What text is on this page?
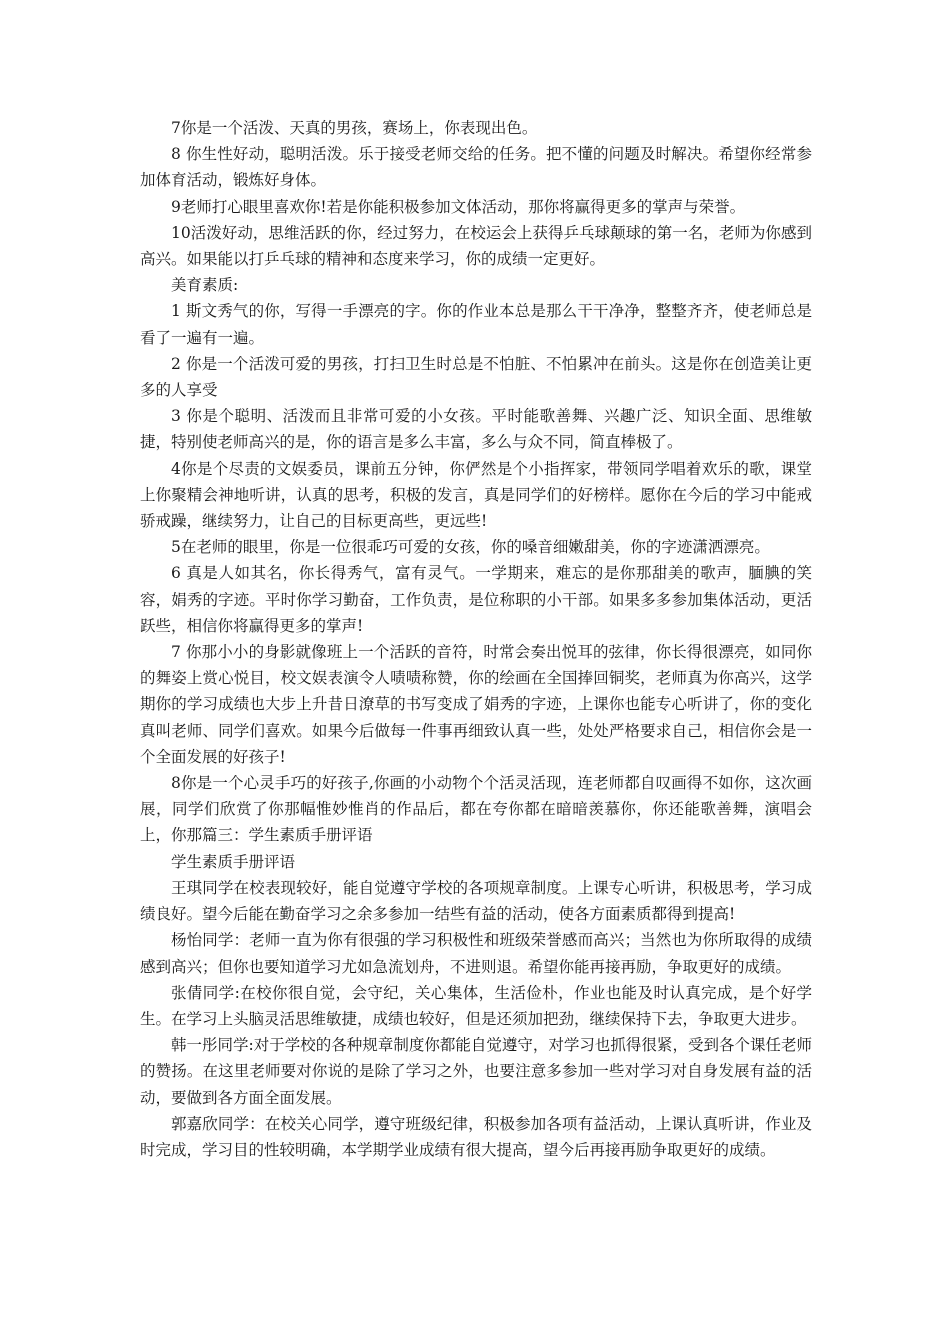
7你是一个活泼、天真的男孩，赛场上，你表现出色。

8 你生性好动，聪明活泼。乐于接受老师交给的任务。把不懂的问题及时解决。希望你经常参加体育活动，锻炼好身体。

9老师打心眼里喜欢你!若是你能积极参加文体活动，那你将赢得更多的掌声与荣誉。

10活泼好动，思维活跃的你，经过努力，在校运会上获得乒乓球颠球的第一名，老师为你感到高兴。如果能以打乒乓球的精神和态度来学习，你的成绩一定更好。

美育素质:

1 斯文秀气的你，写得一手漂亮的字。你的作业本总是那么干干净净，整整齐齐，使老师总是看了一遍有一遍。

2 你是一个活泼可爱的男孩，打扫卫生时总是不怕脏、不怕累冲在前头。这是你在创造美让更多的人享受

3 你是个聪明、活泼而且非常可爱的小女孩。平时能歌善舞、兴趣广泛、知识全面、思维敏捷，特别使老师高兴的是，你的语言是多么丰富，多么与众不同，简直棒极了。

4你是个尽责的文娱委员，课前五分钟，你俨然是个小指挥家，带领同学唱着欢乐的歌，课堂上你聚精会神地听讲，认真的思考，积极的发言，真是同学们的好榜样。愿你在今后的学习中能戒骄戒躁，继续努力，让自己的目标更高些，更远些!

5在老师的眼里，你是一位很乖巧可爱的女孩，你的嗓音细嫩甜美，你的字迹潇洒漂亮。

6 真是人如其名，你长得秀气，富有灵气。一学期来，难忘的是你那甜美的歌声，腼腆的笑容，娟秀的字迹。平时你学习勤奋，工作负责，是位称职的小干部。如果多多参加集体活动，更活跃些，相信你将赢得更多的掌声!

7 你那小小的身影就像班上一个活跃的音符，时常会奏出悦耳的弦律，你长得很漂亮，如同你的舞姿上赏心悦目，校文娱表演令人啧啧称赞，你的绘画在全国捧回铜奖，老师真为你高兴，这学期你的学习成绩也大步上升昔日潦草的书写变成了娟秀的字迹，上课你也能专心听讲了，你的变化真叫老师、同学们喜欢。如果今后做每一件事再细致认真一些，处处严格要求自己，相信你会是一个全面发展的好孩子!

8你是一个心灵手巧的好孩子,你画的小动物个个活灵活现，连老师都自叹画得不如你，这次画展，同学们欣赏了你那幅惟妙惟肖的作品后，都在夸你都在暗暗羡慕你，你还能歌善舞，演唱会上，你那篇三：学生素质手册评语

学生素质手册评语

王琪同学在校表现较好，能自觉遵守学校的各项规章制度。上课专心听讲，积极思考，学习成绩良好。望今后能在勤奋学习之余多参加一结些有益的活动，使各方面素质都得到提高!

杨怡同学：老师一直为你有很强的学习积极性和班级荣誉感而高兴；当然也为你所取得的成绩感到高兴；但你也要知道学习尤如急流划舟，不进则退。希望你能再接再励，争取更好的成绩。

张倩同学:在校你很自觉，会守纪，关心集体，生活俭朴，作业也能及时认真完成，是个好学生。在学习上头脑灵活思维敏捷，成绩也较好，但是还须加把劲，继续保持下去，争取更大进步。

韩一彤同学:对于学校的各种规章制度你都能自觉遵守，对学习也抓得很紧，受到各个课任老师的赞扬。在这里老师要对你说的是除了学习之外，也要注意多参加一些对学习对自身发展有益的活动，要做到各方面全面发展。

郭嘉欣同学：在校关心同学，遵守班级纪律，积极参加各项有益活动，上课认真听讲，作业及时完成，学习目的性较明确，本学期学业成绩有很大提高，望今后再接再励争取更好的成绩。
